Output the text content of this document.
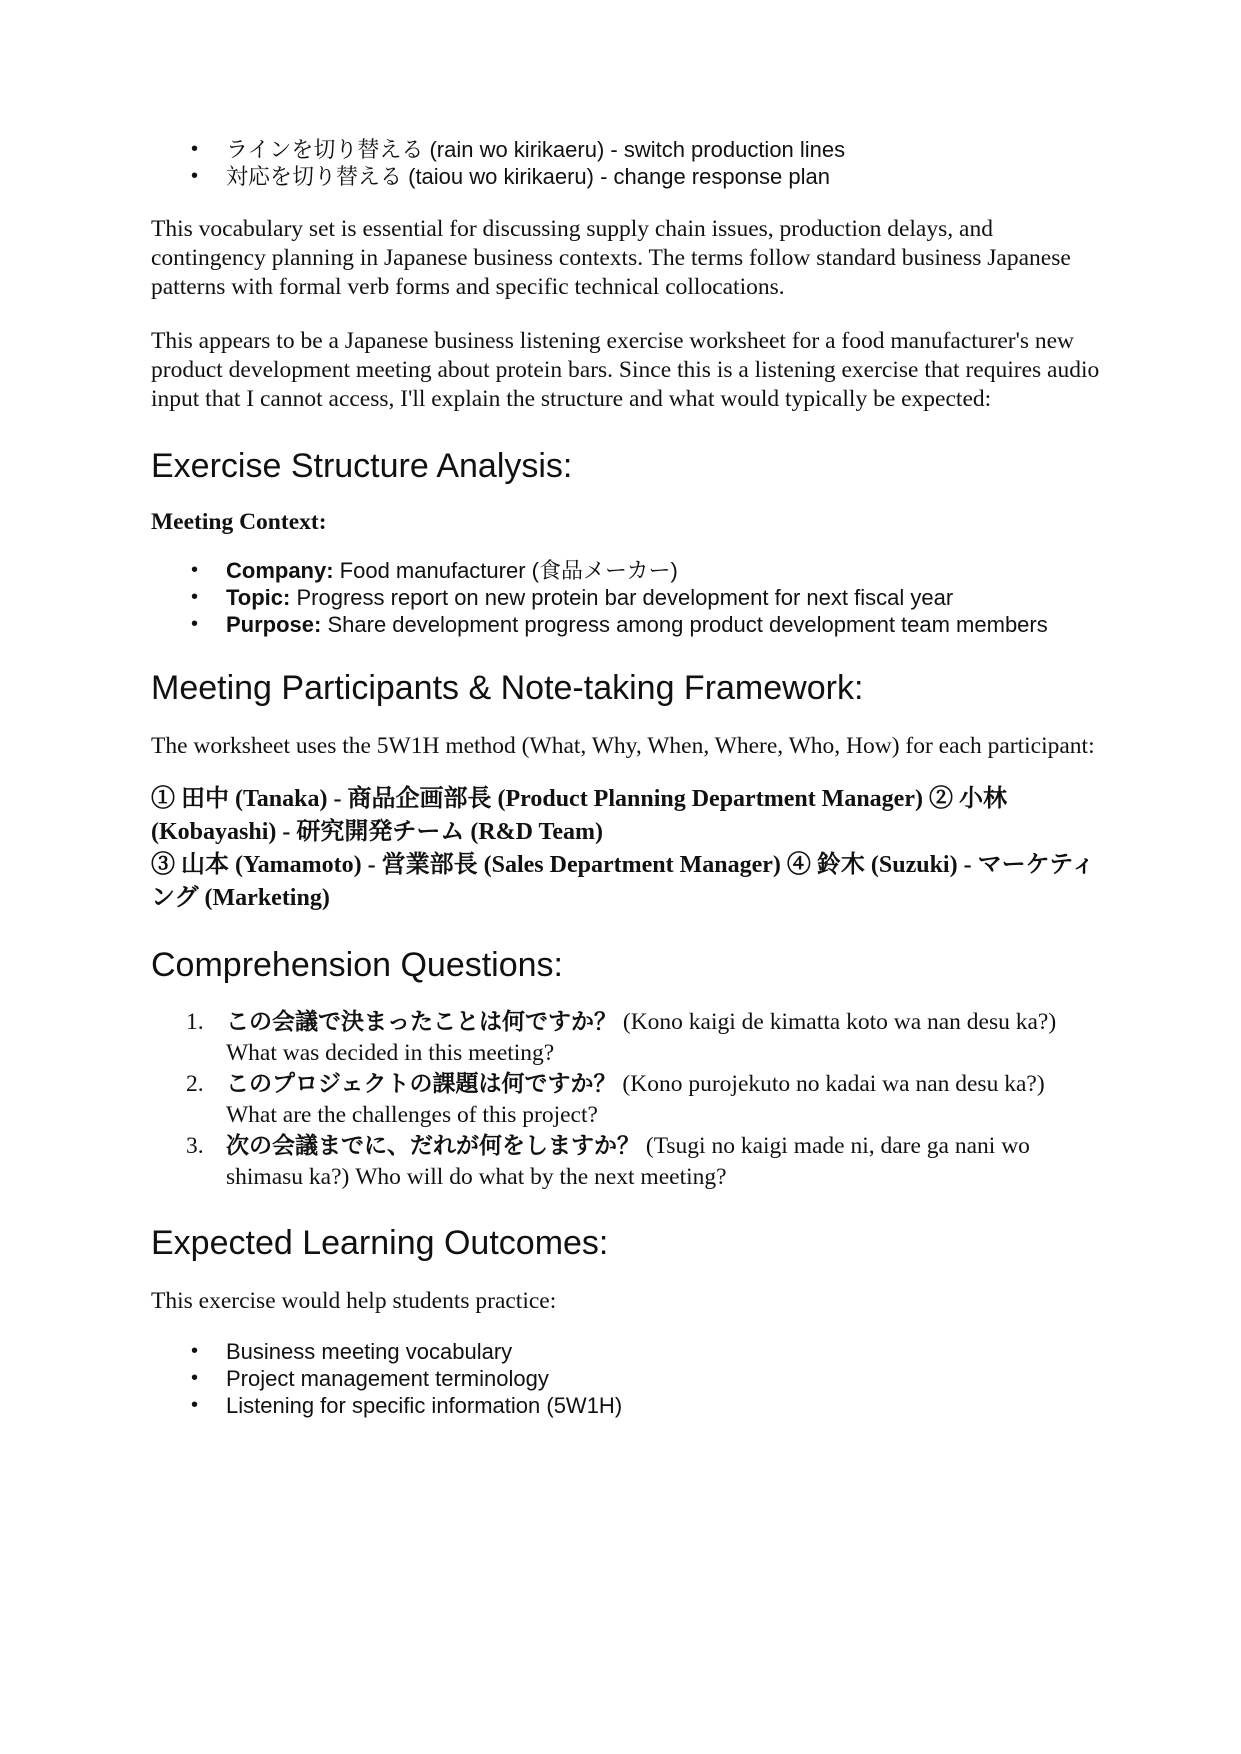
• ラインを切り替える (rain wo kirikaeru) - switch production lines
• 対応を切り替える (taiou wo kirikaeru) - change response plan

This vocabulary set is essential for discussing supply chain issues, production delays, and contingency planning in Japanese business contexts. The terms follow standard business Japanese patterns with formal verb forms and specific technical collocations.

This appears to be a Japanese business listening exercise worksheet for a food manufacturer's new product development meeting about protein bars. Since this is a listening exercise that requires audio input that I cannot access, I'll explain the structure and what would typically be expected:

Exercise Structure Analysis:

Meeting Context:

• Company: Food manufacturer (食品メーカー)
• Topic: Progress report on new protein bar development for next fiscal year
• Purpose: Share development progress among product development team members
Meeting Participants & Note-taking Framework:

The worksheet uses the 5W1H method (What, Why, When, Where, Who, How) for each participant:

① 田中 (Tanaka) - 商品企画部長 (Product Planning Department Manager) ② 小林 (Kobayashi) - 研究開発チーム (R&D Team)

③ 山本 (Yamamoto) - 営業部長 (Sales Department Manager) ④ 鈴木 (Suzuki) - マーケティング (Marketing)

Comprehension Questions:
1. この会議で決まったことは何ですか？ (Kono kaigi de kimatta koto wa nan desu ka?) What was decided in this meeting?
2. このプロジェクトの課題は何ですか？ (Kono purojekuto no kadai wa nan desu ka?) What are the challenges of this project?
3. 次の会議までに、だれが何をしますか？ (Tsugi no kaigi made ni, dare ga nani wo shimasu ka?) Who will do what by the next meeting?
Expected Learning Outcomes:

This exercise would help students practice:

• Business meeting vocabulary
• Project management terminology
• Listening for specific information (5W1H)
